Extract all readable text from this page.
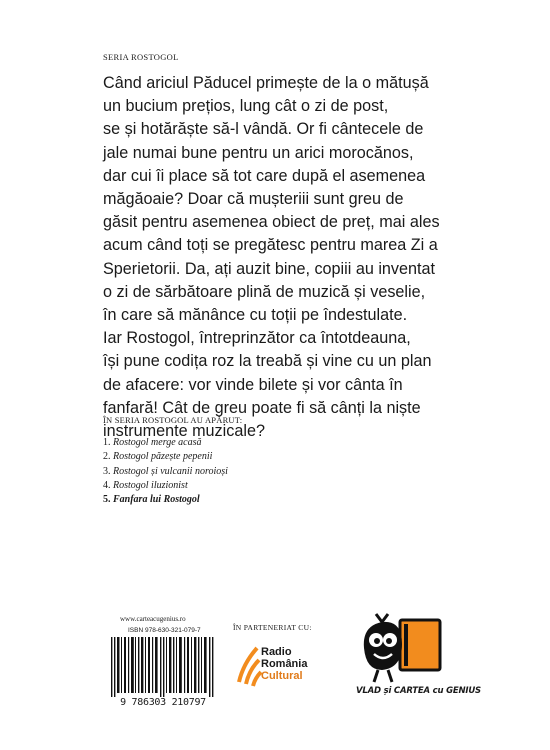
SERIA ROSTOGOL
Când ariciul Păducel primește de la o mătușă
un bucium prețios, lung cât o zi de post,
se și hotărăște să-l vândă. Or fi cântecele de
jale numai bune pentru un arici morocănos,
dar cui îi place să tot care după el asemenea
măgăoaie? Doar că mușteriii sunt greu de
găsit pentru asemenea obiect de preț, mai ales
acum când toți se pregătesc pentru marea Zi a
Sperietorii. Da, ați auzit bine, copiii au inventat
o zi de sărbătoare plină de muzică și veselie,
în care să mănânce cu toții pe îndestulate.
Iar Rostogol, întreprinzător ca întotdeauna,
își pune codița roz la treabă și vine cu un plan
de afacere: vor vinde bilete și vor cânta în
fanfară! Cât de greu poate fi să cânți la niște
instrumente muzicale?
ÎN SERIA ROSTOGOL AU APĂRUT:
1. Rostogol merge acasă
2. Rostogol păzește pepenii
3. Rostogol și vulcanii noroioși
4. Rostogol iluzionist
5. Fanfara lui Rostogol
www.carteacugenius.ro
ISBN 978-630-321-079-7
9 786303 210797
ÎN PARTENERIAT CU:
Radio
România
Cultural
VLAD și CARTEA cu GENIUS
